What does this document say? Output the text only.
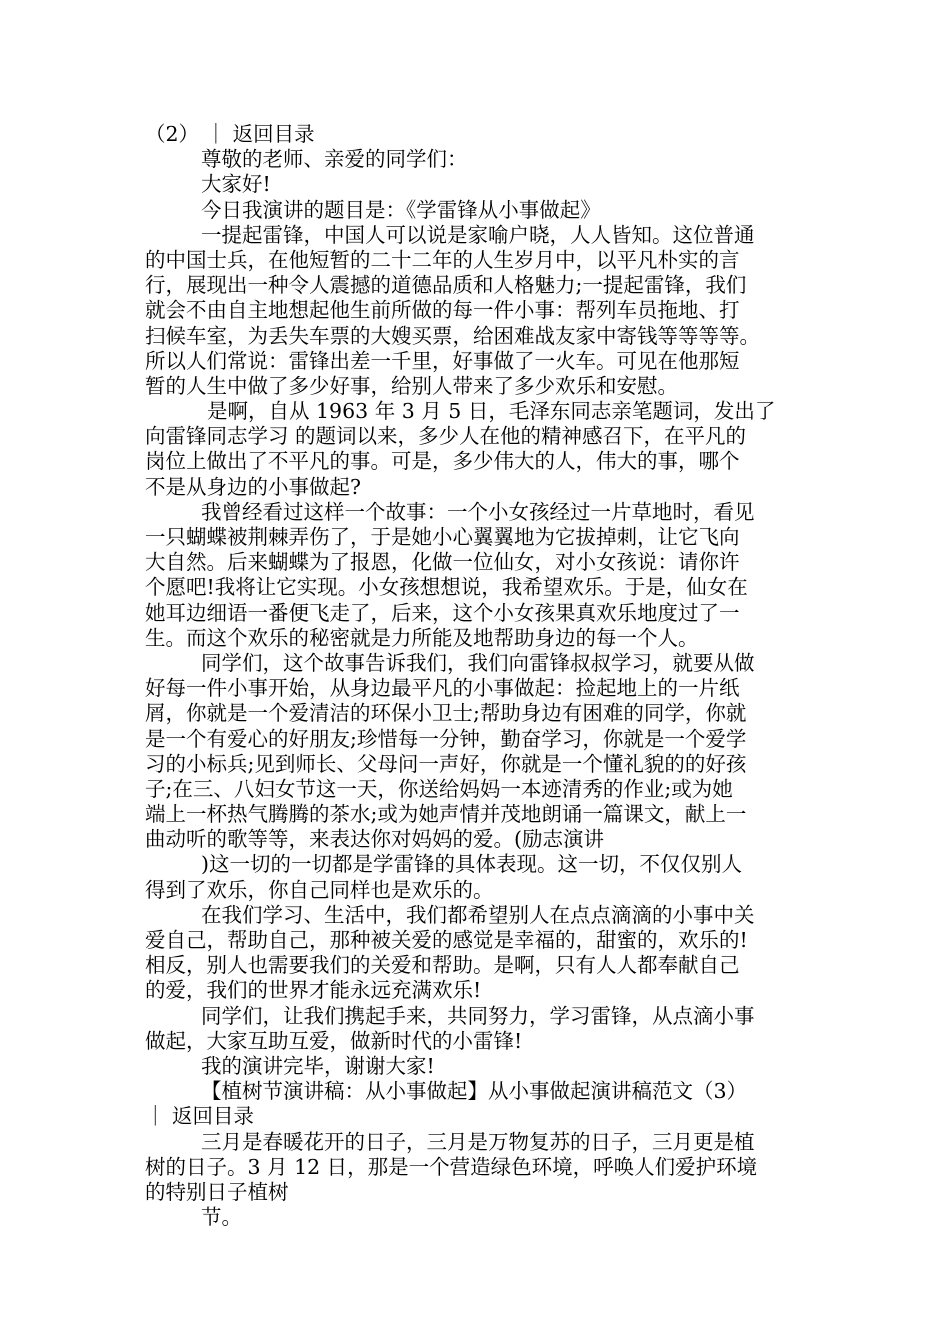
（2） ｜ 返回目录
尊敬的老师、亲爱的同学们：
大家好!
今日我演讲的题目是：《学雷锋从小事做起》
一提起雷锋，中国人可以说是家喻户晓，人人皆知。这位普通
的中国士兵，在他短暂的二十二年的人生岁月中，以平凡朴实的言
行，展现出一种令人震撼的道德品质和人格魅力;一提起雷锋，我们
就会不由自主地想起他生前所做的每一件小事：帮列车员拖地、打
扫候车室，为丢失车票的大嫂买票，给困难战友家中寄钱等等等等。
所以人们常说：雷锋出差一千里，好事做了一火车。可见在他那短
暂的人生中做了多少好事，给别人带来了多少欢乐和安慰。
是啊，自从 1963 年 3 月 5 日，毛泽东同志亲笔题词，发出了
向雷锋同志学习 的题词以来，多少人在他的精神感召下，在平凡的
岗位上做出了不平凡的事。可是，多少伟大的人，伟大的事，哪个
不是从身边的小事做起?
我曾经看过这样一个故事：一个小女孩经过一片草地时，看见
一只蝴蝶被荆棘弄伤了，于是她小心翼翼地为它拔掉刺，让它飞向
大自然。后来蝴蝶为了报恩，化做一位仙女，对小女孩说：请你许
个愿吧!我将让它实现。小女孩想想说，我希望欢乐。于是，仙女在
她耳边细语一番便飞走了，后来，这个小女孩果真欢乐地度过了一
生。而这个欢乐的秘密就是力所能及地帮助身边的每一个人。
同学们，这个故事告诉我们，我们向雷锋叔叔学习，就要从做
好每一件小事开始，从身边最平凡的小事做起：捡起地上的一片纸
屑，你就是一个爱清洁的环保小卫士;帮助身边有困难的同学，你就
是一个有爱心的好朋友;珍惜每一分钟，勤奋学习，你就是一个爱学
习的小标兵;见到师长、父母问一声好，你就是一个懂礼貌的的好孩
子;在三、八妇女节这一天，你送给妈妈一本迹清秀的作业;或为她
端上一杯热气腾腾的茶水;或为她声情并茂地朗诵一篇课文，献上一
曲动听的歌等等，来表达你对妈妈的爱。(励志演讲
)这一切的一切都是学雷锋的具体表现。这一切，不仅仅别人
得到了欢乐，你自己同样也是欢乐的。
在我们学习、生活中，我们都希望别人在点点滴滴的小事中关
爱自己，帮助自己，那种被关爱的感觉是幸福的，甜蜜的，欢乐的!
相反，别人也需要我们的关爱和帮助。是啊，只有人人都奉献自己
的爱，我们的世界才能永远充满欢乐!
同学们，让我们携起手来，共同努力，学习雷锋，从点滴小事
做起，大家互助互爱，做新时代的小雷锋!
我的演讲完毕，谢谢大家!
【植树节演讲稿：从小事做起】从小事做起演讲稿范文（3）
｜ 返回目录
三月是春暖花开的日子，三月是万物复苏的日子，三月更是植
树的日子。3 月 12 日，那是一个营造绿色环境，呼唤人们爱护环境
的特别日子植树
节。
